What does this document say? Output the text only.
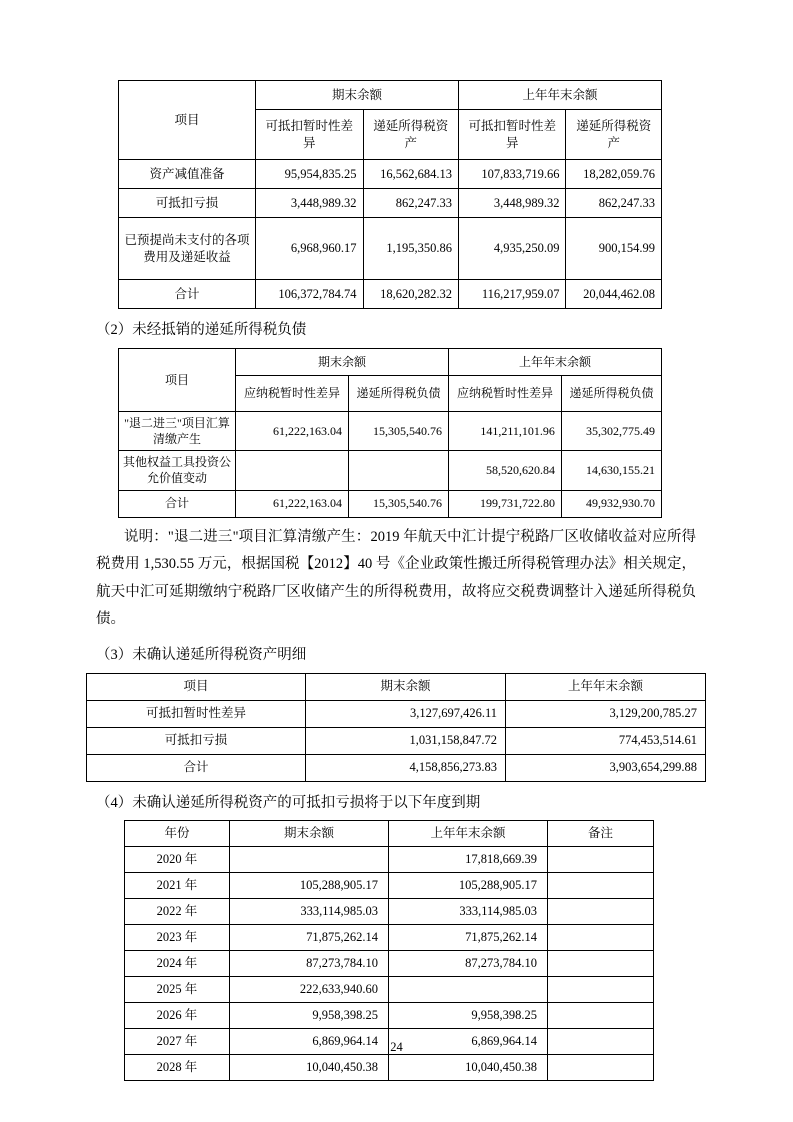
项目	期末余额		上年年末余额	
	可抵扣暂时性差异	递延所得税资产	可抵扣暂时性差异	递延所得税资产
资产减值准备	95,954,835.25	16,562,684.13	107,833,719.66	18,282,059.76
可抵扣亏损	3,448,989.32	862,247.33	3,448,989.32	862,247.33
已预提尚未支付的各项费用及递延收益	6,968,960.17	1,195,350.86	4,935,250.09	900,154.99
合计	106,372,784.74	18,620,282.32	116,217,959.07	20,044,462.08
（2）未经抵销的递延所得税负债
项目	期末余额		上年年末余额	
	应纳税暂时性差异	递延所得税负债	应纳税暂时性差异	递延所得税负债
"退二进三"项目汇算清缴产生	61,222,163.04	15,305,540.76	141,211,101.96	35,302,775.49
其他权益工具投资公允价值变动			58,520,620.84	14,630,155.21
合计	61,222,163.04	15,305,540.76	199,731,722.80	49,932,930.70
说明："退二进三"项目汇算清缴产生：2019 年航天中汇计提宁税路厂区收储收益对应所得税费用 1,530.55 万元，根据国税【2012】40 号《企业政策性搬迁所得税管理办法》相关规定，航天中汇可延期缴纳宁税路厂区收储产生的所得税费用，故将应交税费调整计入递延所得税负债。
（3）未确认递延所得税资产明细
项目	期末余额	上年年末余额
可抵扣暂时性差异	3,127,697,426.11	3,129,200,785.27
可抵扣亏损	1,031,158,847.72	774,453,514.61
合计	4,158,856,273.83	3,903,654,299.88
（4）未确认递延所得税资产的可抵扣亏损将于以下年度到期
年份	期末余额	上年年末余额	备注
2020 年		17,818,669.39	
2021 年	105,288,905.17	105,288,905.17	
2022 年	333,114,985.03	333,114,985.03	
2023 年	71,875,262.14	71,875,262.14	
2024 年	87,273,784.10	87,273,784.10	
2025 年	222,633,940.60		
2026 年	9,958,398.25	9,958,398.25	
2027 年	6,869,964.14	6,869,964.14	
2028 年	10,040,450.38	10,040,450.38	
24
